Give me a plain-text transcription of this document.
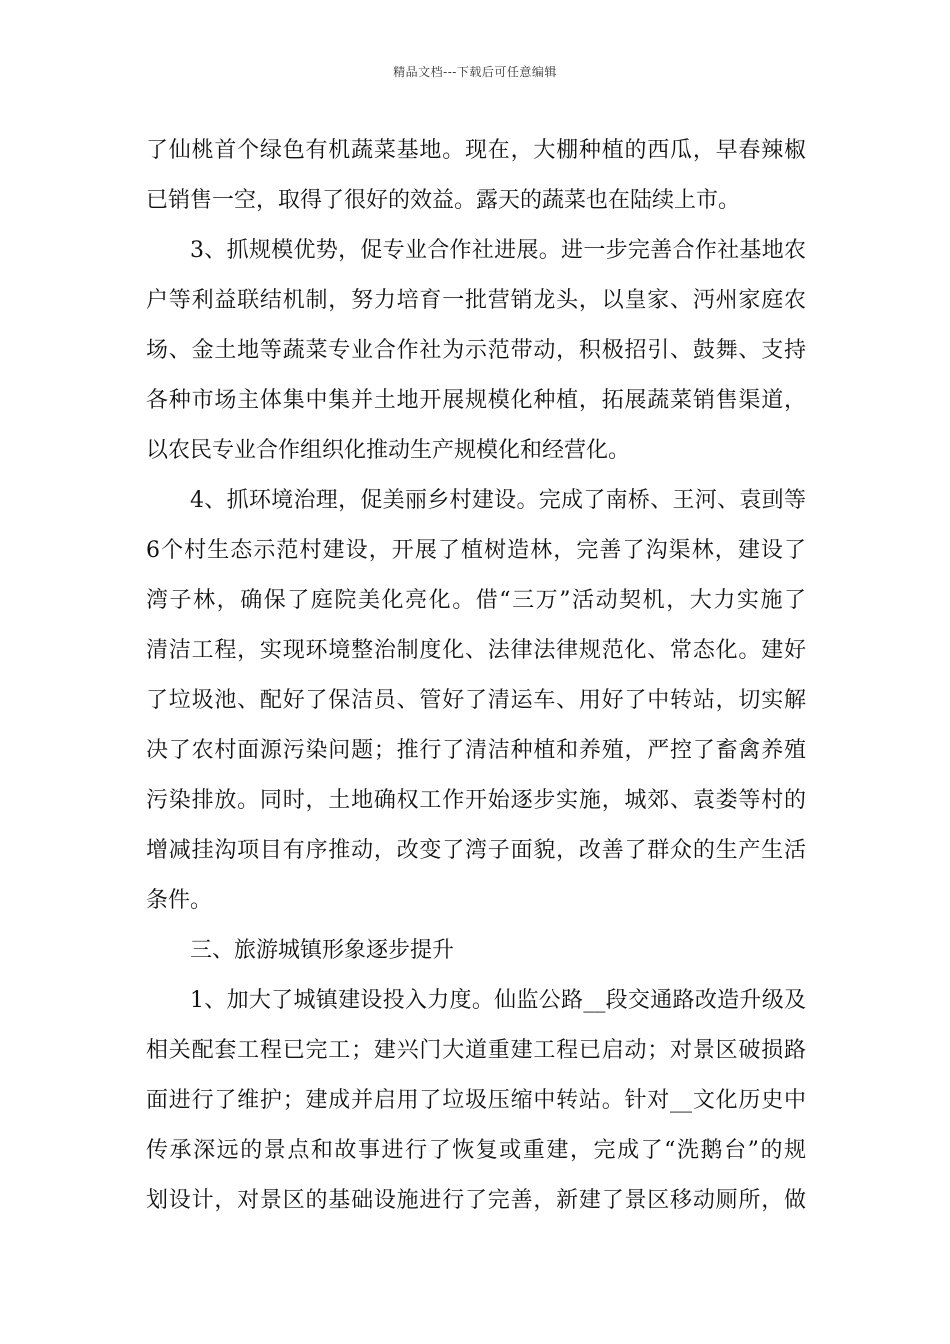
精品文档---下载后可任意编辑
了仙桃首个绿色有机蔬菜基地。现在，大棚种植的西瓜，早春辣椒
已销售一空，取得了很好的效益。露天的蔬菜也在陆续上市。
3、抓规模优势，促专业合作社进展。进一步完善合作社基地农
户等利益联结机制，努力培育一批营销龙头，以皇家、沔州家庭农
场、金土地等蔬菜专业合作社为示范带动，积极招引、鼓舞、支持
各种市场主体集中集并土地开展规模化种植，拓展蔬菜销售渠道，
以农民专业合作组织化推动生产规模化和经营化。
4、抓环境治理，促美丽乡村建设。完成了南桥、王河、袁刯等
6个村生态示范村建设，开展了植树造林，完善了沟渠林，建设了
湾子林，确保了庭院美化亮化。借“三万”活动契机，大力实施了
清洁工程，实现环境整治制度化、法律法律规范化、常态化。建好
了垃圾池、配好了保洁员、管好了清运车、用好了中转站，切实解
决了农村面源污染问题；推行了清洁种植和养殖，严控了畜禽养殖
污染排放。同时，土地确权工作开始逐步实施，城郊、袁娄等村的
增减挂沟项目有序推动，改变了湾子面貌，改善了群众的生产生活
条件。
三、旅游城镇形象逐步提升
1、加大了城镇建设投入力度。仙监公路__段交通路改造升级及
相关配套工程已完工；建兴门大道重建工程已启动；对景区破损路
面进行了维护；建成并启用了垃圾压缩中转站。针对__文化历史中
传承深远的景点和故事进行了恢复或重建，完成了“洗鹅台”的规
划设计，对景区的基础设施进行了完善，新建了景区移动厕所，做
